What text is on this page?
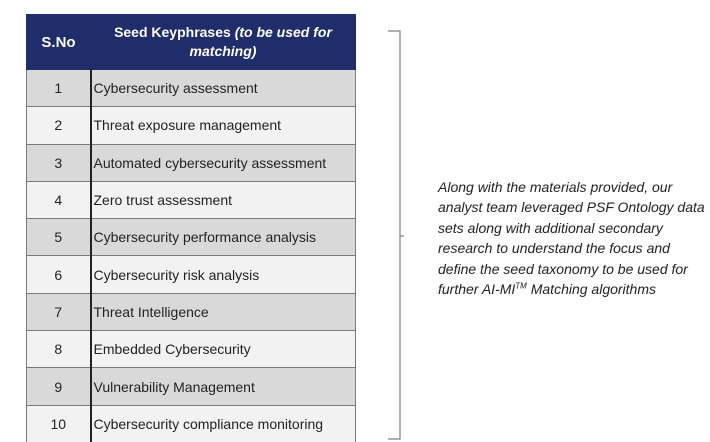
S.No	Seed Keyphrases (to be used for matching)
1	Cybersecurity assessment
2	Threat exposure management
3	Automated cybersecurity assessment
4	Zero trust assessment
5	Cybersecurity performance analysis
6	Cybersecurity risk analysis
7	Threat Intelligence
8	Embedded Cybersecurity
9	Vulnerability Management
10	Cybersecurity compliance monitoring
Along with the materials provided, our analyst team leveraged PSF Ontology data sets along with additional secondary research to understand the focus and define the seed taxonomy to be used for further AI-MI™ Matching algorithms
